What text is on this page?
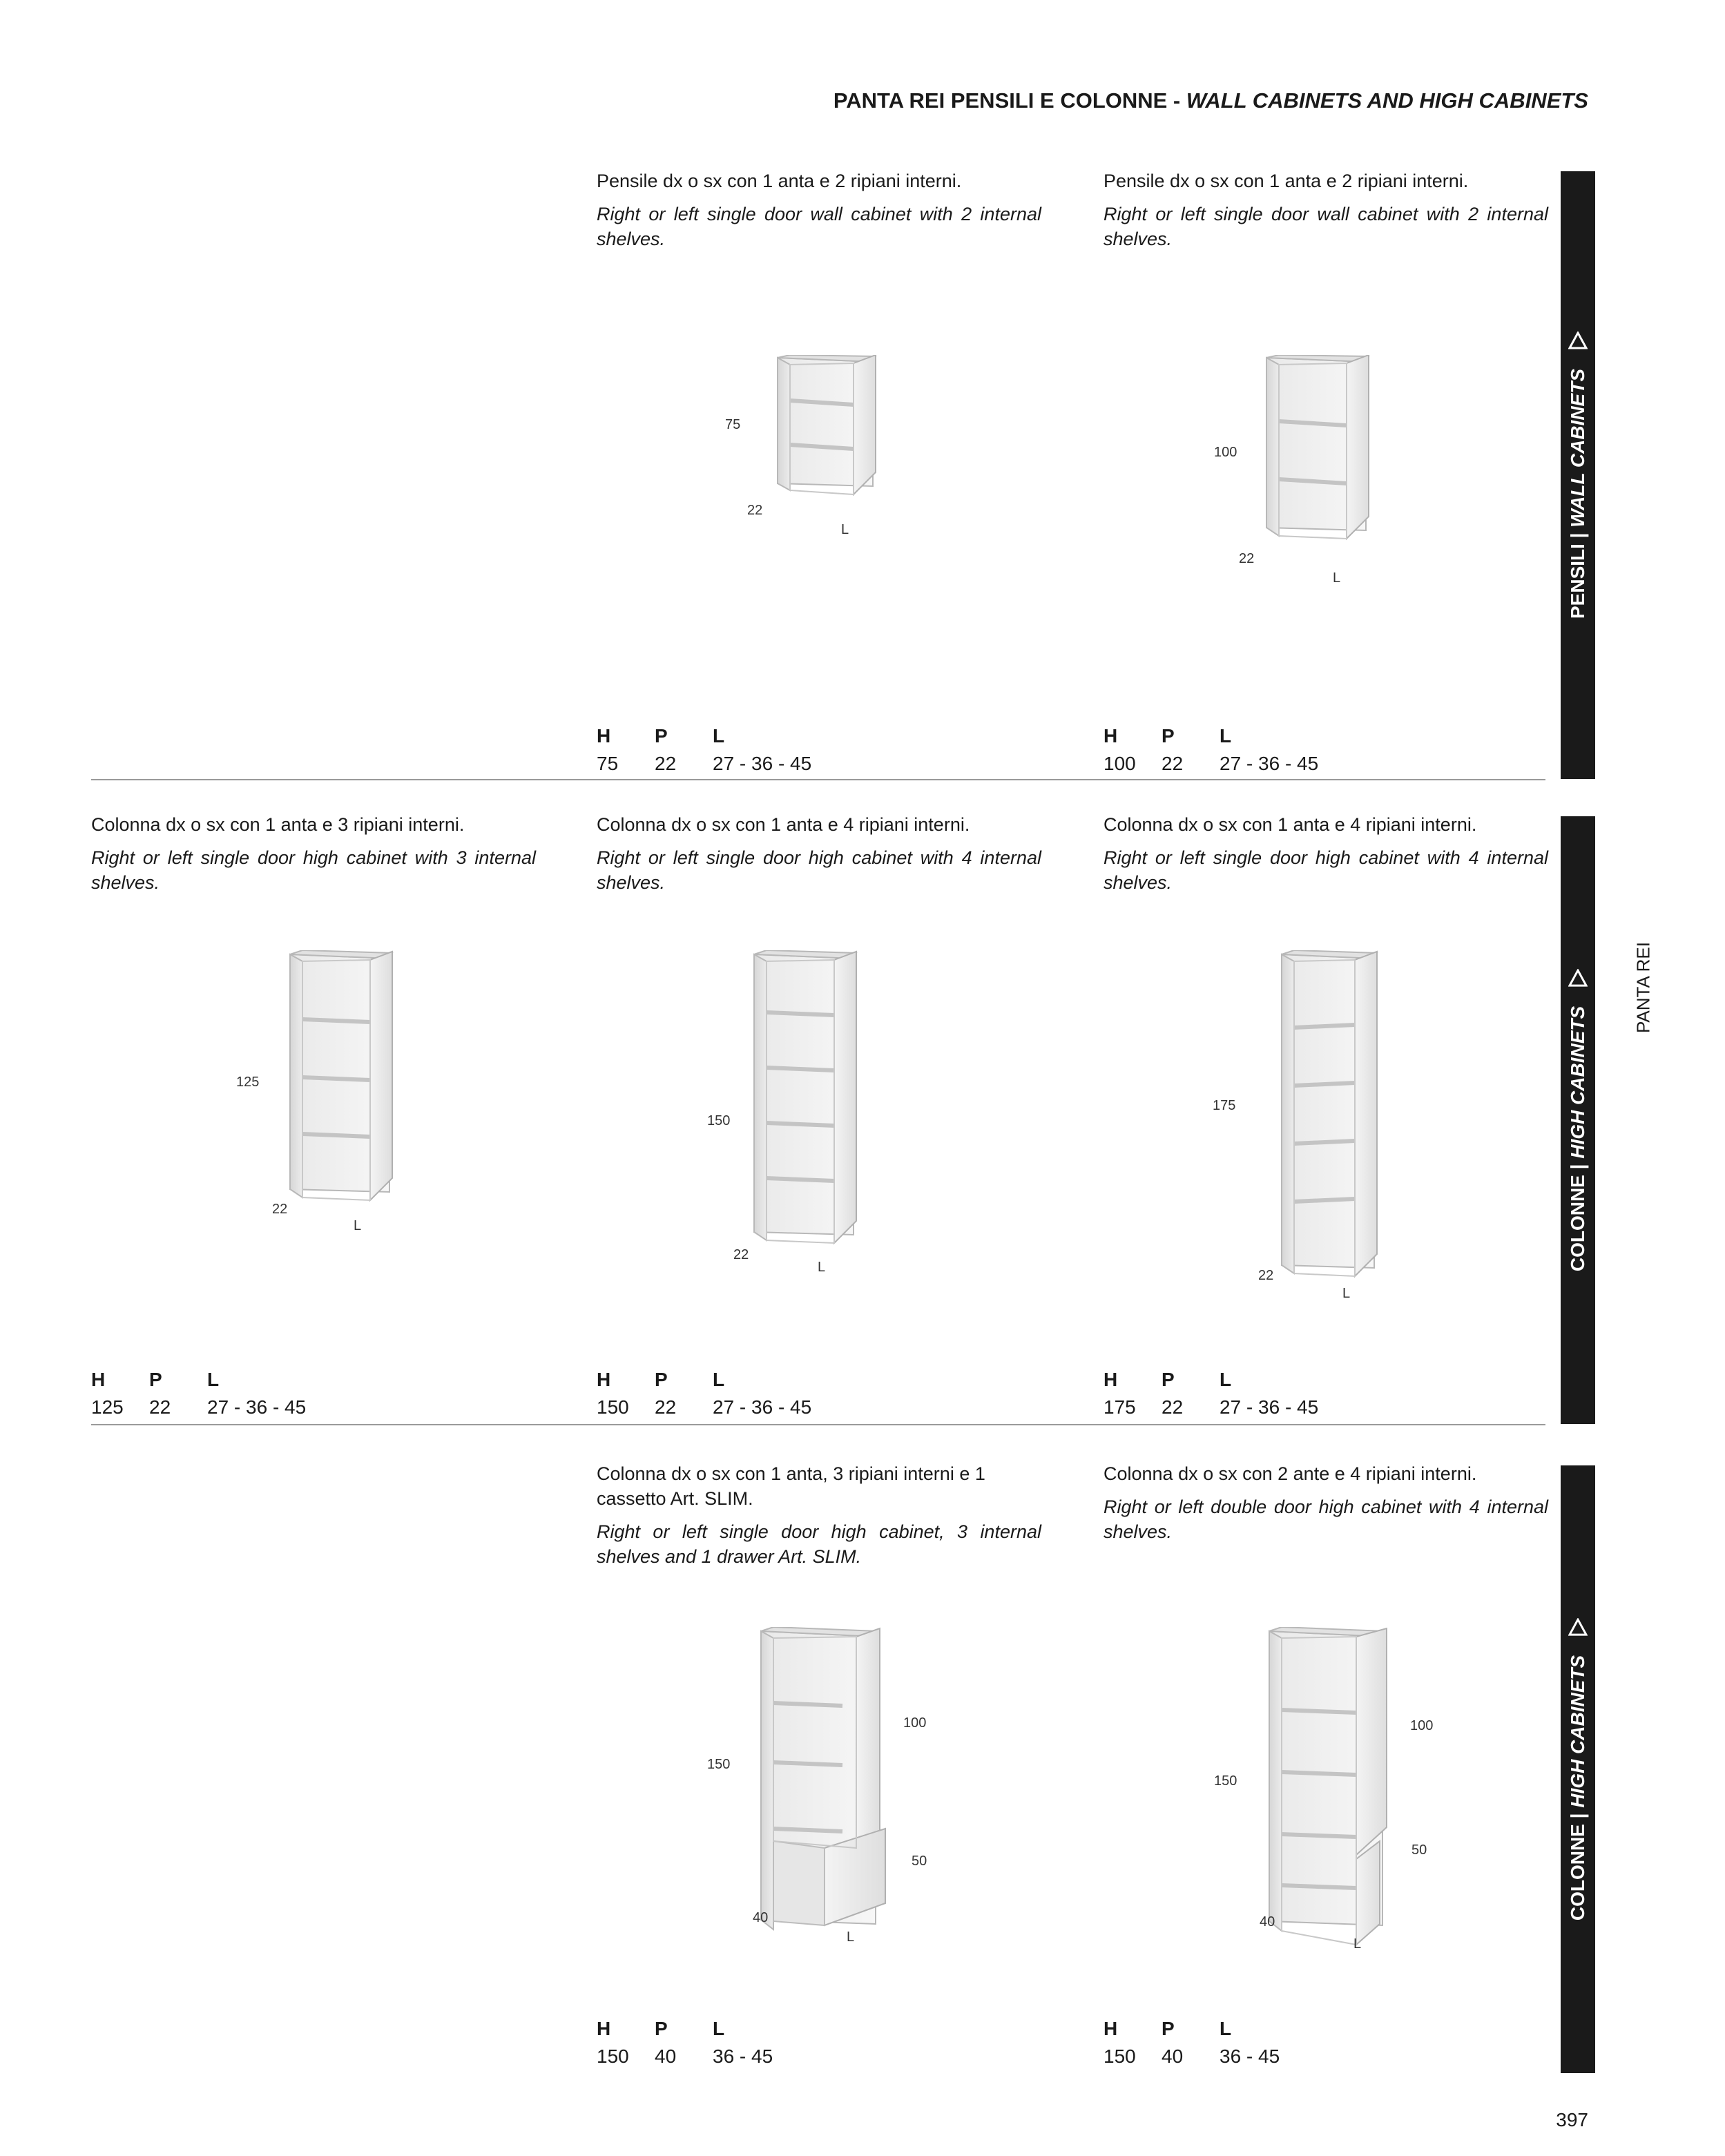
PANTA REI PENSILI E COLONNE - WALL CABINETS AND HIGH CABINETS

Pensile dx o sx con 1 anta e 2 ripiani interni.

Right or left single door wall cabinet with 2 internal shelves.

75
22
L
H P L
75 22 27 - 36 - 45

Pensile dx o sx con 1 anta e 2 ripiani interni.

Right or left single door wall cabinet with 2 internal shelves.

100
22
L
H P L
100 22 27 - 36 - 45

Colonna dx o sx con 1 anta e 3 ripiani interni.

Right or left single door high cabinet with 3 internal shelves.

125
22
L
H P L
125 22 27 - 36 - 45

Colonna dx o sx con 1 anta e 4 ripiani interni.

Right or left single door high cabinet with 4 internal shelves.

150
22
L
H P L
150 22 27 - 36 - 45

Colonna dx o sx con 1 anta e 4 ripiani interni.

Right or left single door high cabinet with 4 internal shelves.

175
22
L
H P L
175 22 27 - 36 - 45

Colonna dx o sx con 1 anta, 3 ripiani interni e 1 cassetto Art. SLIM.

Right or left single door high cabinet, 3 internal shelves and 1 drawer Art. SLIM.

150
100
50
40
L
H P L
150 40 36 - 45

Colonna dx o sx con 2 ante e 4 ripiani interni.

Right or left double door high cabinet with 4 internal shelves.

150
100
50
40
L
H P L
150 40 36 - 45
PENSILI | WALL CABINETS
COLONNE | HIGH CABINETS
COLONNE | HIGH CABINETS
PANTA REI
397
